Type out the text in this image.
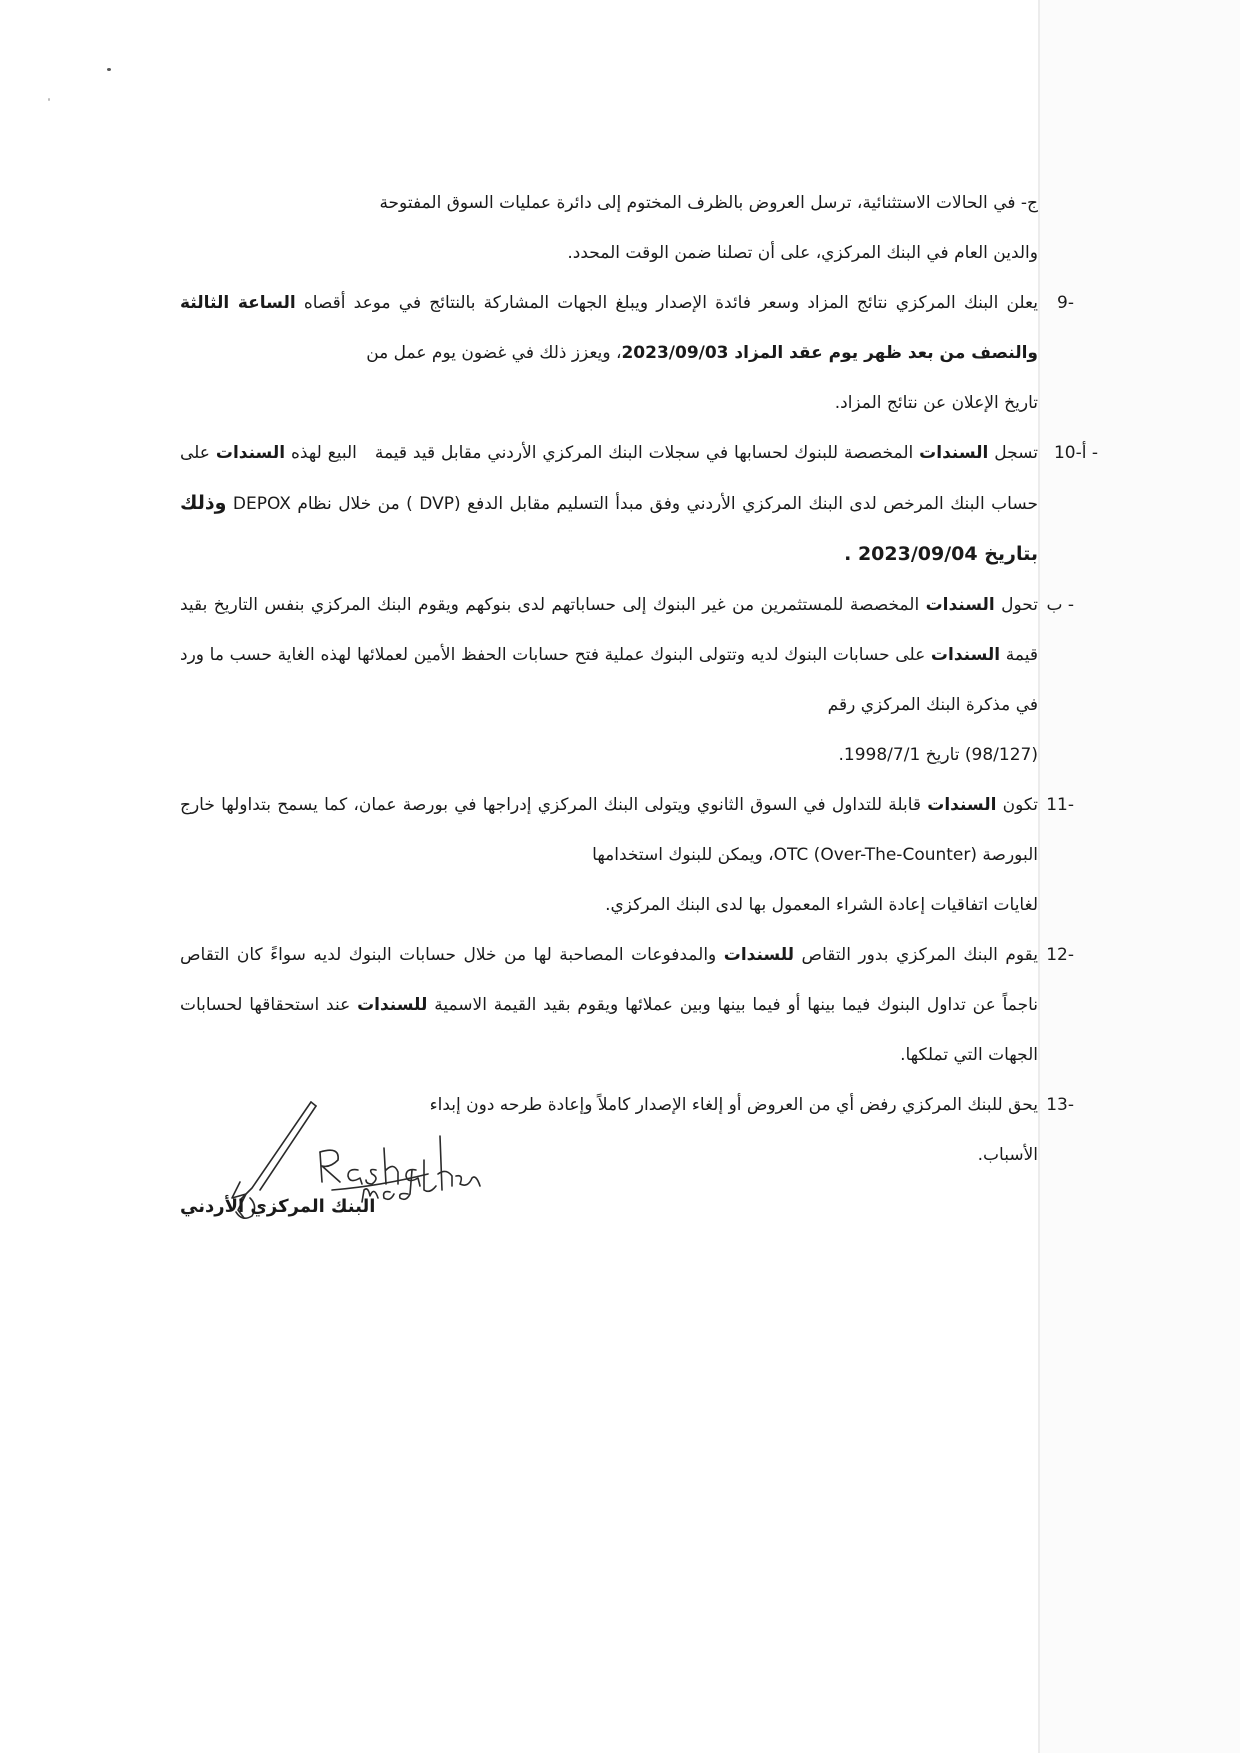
ج- في الحالات الاستثنائية، ترسل العروض بالظرف المختوم إلى دائرة عمليات السوق المفتوحة
والدين العام في البنك المركزي، على أن تصلنا ضمن الوقت المحدد.

9-
يعلن البنك المركزي نتائج المزاد وسعر فائدة الإصدار ويبلغ الجهات المشاركة بالنتائج في موعد أقصاه الساعة الثالثة والنصف من بعد ظهر يوم عقد المزاد 2023/09/03، ويعزز ذلك في غضون يوم عمل من
تاريخ الإعلان عن نتائج المزاد.

10-أ -
تسجل السندات المخصصة للبنوك لحسابها في سجلات البنك المركزي الأردني مقابل قيد قيمة البيع لهذه السندات على حساب البنك المرخص لدى البنك المركزي الأردني وفق مبدأ التسليم مقابل الدفع (DVP ) من خلال نظام DEPOX وذلك بتاريخ 2023/09/04 .

ب -
تحول السندات المخصصة للمستثمرين من غير البنوك إلى حساباتهم لدى بنوكهم ويقوم البنك المركزي بنفس التاريخ بقيد قيمة السندات على حسابات البنوك لديه وتتولى البنوك عملية فتح حسابات الحفظ الأمين لعملائها لهذه الغاية حسب ما ورد في مذكرة البنك المركزي رقم
(98/127) تاريخ 1998/7/1.

11-
تكون السندات قابلة للتداول في السوق الثانوي ويتولى البنك المركزي إدراجها في بورصة عمان، كما يسمح بتداولها خارج البورصة OTC (Over-The-Counter)، ويمكن للبنوك استخدامها
لغايات اتفاقيات إعادة الشراء المعمول بها لدى البنك المركزي.

12-
يقوم البنك المركزي بدور التقاص للسندات والمدفوعات المصاحبة لها من خلال حسابات البنوك لديه سواءً كان التقاص ناجماً عن تداول البنوك فيما بينها أو فيما بينها وبين عملائها ويقوم بقيد القيمة الاسمية للسندات عند استحقاقها لحسابات الجهات التي تملكها.

13-
يحق للبنك المركزي رفض أي من العروض أو إلغاء الإصدار كاملاً وإعادة طرحه دون إبداء
الأسباب.

البنك المركزي الأردني
